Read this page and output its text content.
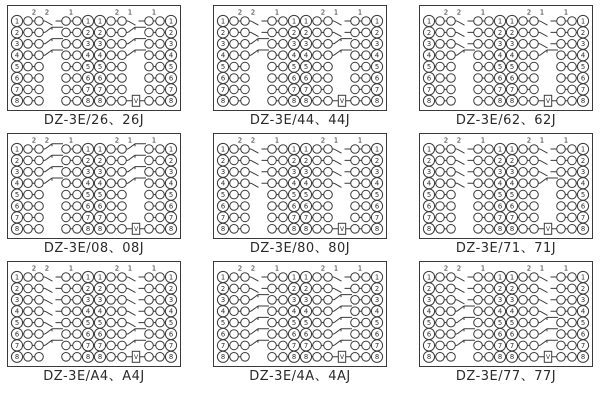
2 2	1
1	1
2	2
3	3
4	4
5	5
6	6
7	7
8	8
2 1	1
1	1
2	2
3	3
4	4
5	5
6	6
7	7
V
8	8
DZ-3E/26、26J
2 2	1
1	1
2	2
3	3
4	4
5	5
6	6
7	7
8	8
2 1	1
1	1
2	2
3	3
4	4
5	5
6	6
7	7
V
8	8
DZ-3E/44、44J
2 2	1
1	1
2	2
3	3
4	4
5	5
6	6
7	7
8	8
2 1	1
1	1
2	2
3	3
4	4
5	5
6	6
7	7
V
8	8
DZ-3E/62、62J
2 2	1
1	1
2	2
3	3
4	4
5	5
6	6
7	7
8	8
2 1	1
1	1
2	2
3	3
4	4
5	5
6	6
7	7
V
8	8
DZ-3E/08、08J
2 2	1
1	1
2	2
3	3
4	4
5	5
6	6
7	7
8	8
2 1	1
1	1
2	2
3	3
4	4
5	5
6	6
7	7
V
8	8
DZ-3E/80、80J
2 2	1
1	1
2	2
3	3
4	4
5	5
6	6
7	7
8	8
2 1	1
1	1
2	2
3	3
4	4
5	5
6	6
7	7
V
8	8
DZ-3E/71、71J
2 2	1
1	1
2	2
3	3
4	4
5	5
6	6
7	7
8	8
2 1	1
1	1
2	2
3	3
4	4
5	5
6	6
7	7
V
8	8
DZ-3E/A4、A4J
2 2	1
1	1
2	2
3	3
4	4
5	5
6	6
7	7
8	8
2 1	1
1	1
2	2
3	3
4	4
5	5
6	6
7	7
V
8	8
DZ-3E/4A、4AJ
2 2	1
1	1
2	2
3	3
4	4
5	5
6	6
7	7
8	8
2 1	1
1	1
2	2
3	3
4	4
5	5
6	6
7	7
V
8	8
DZ-3E/77、77J
